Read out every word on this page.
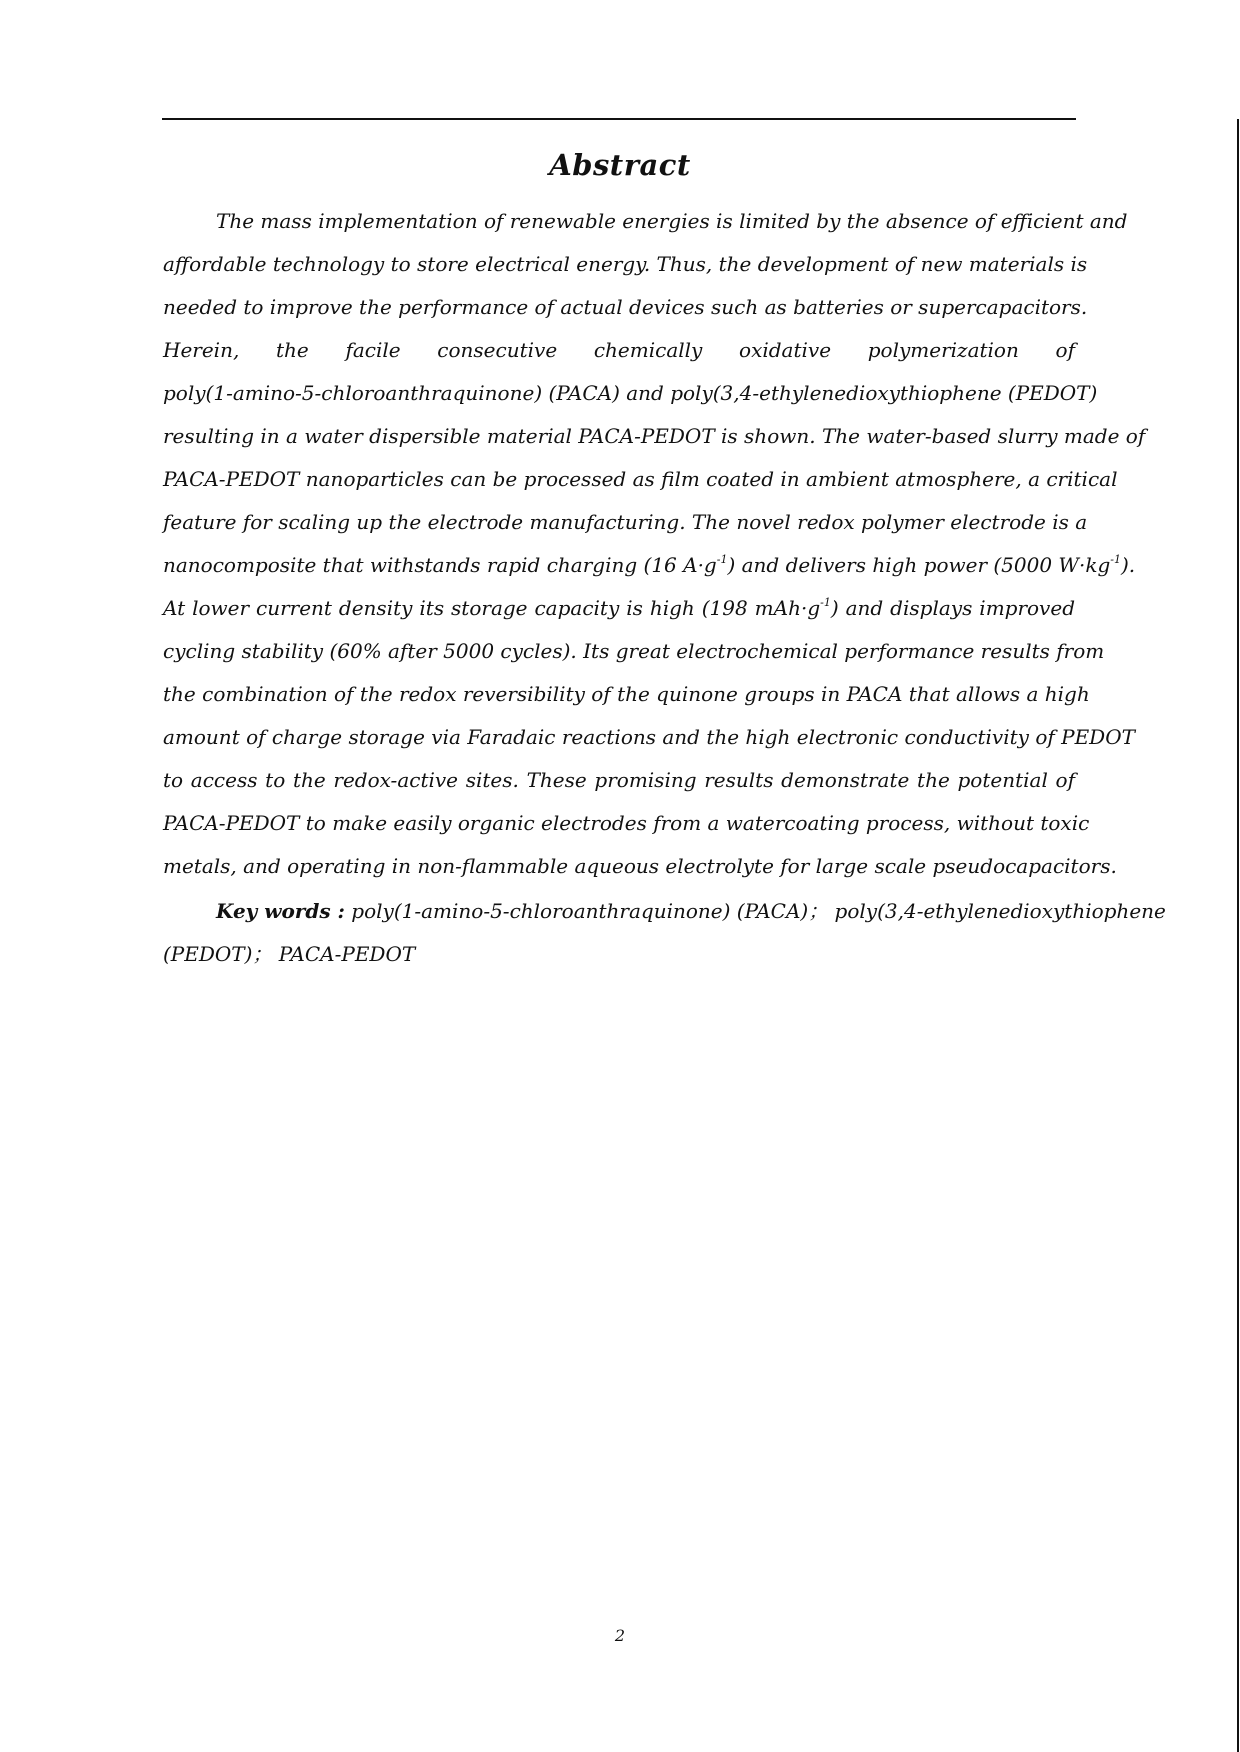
Abstract
The mass implementation of renewable energies is limited by the absence of efficient and
affordable technology to store electrical energy. Thus, the development of new materials is
needed to improve the performance of actual devices such as batteries or supercapacitors.
Herein, the facile consecutive chemically oxidative polymerization of
poly(1-amino-5-chloroanthraquinone) (PACA) and poly(3,4-ethylenedioxythiophene (PEDOT)
resulting in a water dispersible material PACA-PEDOT is shown. The water-based slurry made of
PACA-PEDOT nanoparticles can be processed as film coated in ambient atmosphere, a critical
feature for scaling up the electrode manufacturing. The novel redox polymer electrode is a
nanocomposite that withstands rapid charging (16 $A\cdot g^{-1}$) and delivers high power (5000 $W\cdot kg^{-1}$).
At lower current density its storage capacity is high (198 $mAh\cdot g^{-1}$) and displays improved
cycling stability (60% after 5000 cycles). Its great electrochemical performance results from
the combination of the redox reversibility of the quinone groups in PACA that allows a high
amount of charge storage via Faradaic reactions and the high electronic conductivity of PEDOT
to access to the redox-active sites. These promising results demonstrate the potential of
PACA-PEDOT to make easily organic electrodes from a watercoating process, without toxic
metals, and operating in non-flammable aqueous electrolyte for large scale pseudocapacitors.
Key words : poly(1-amino-5-chloroanthraquinone) (PACA)； poly(3,4-ethylenedioxythiophene
(PEDOT)； PACA-PEDOT
2
